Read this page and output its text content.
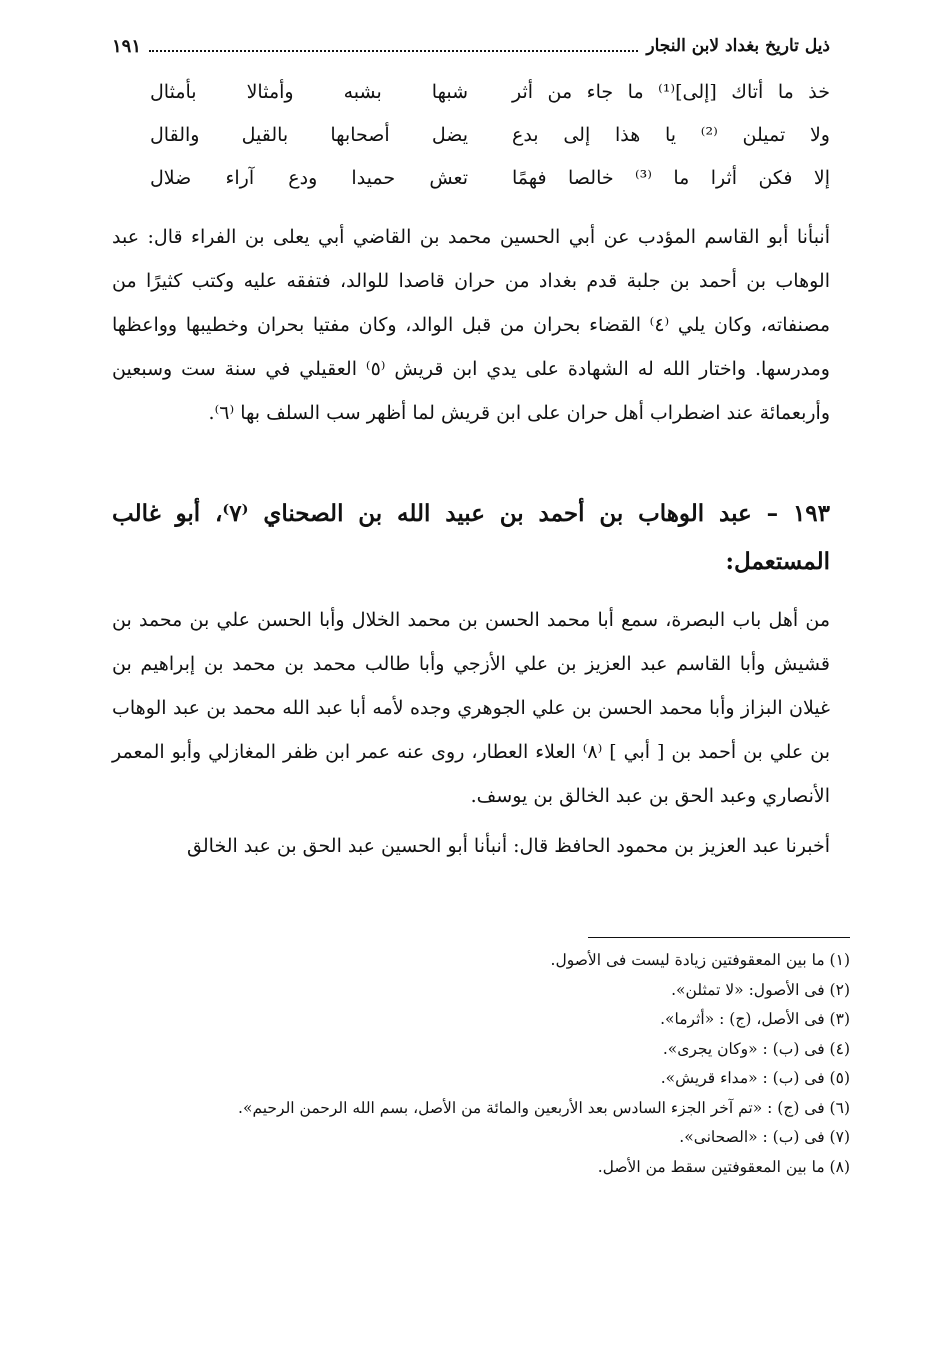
ذيل تاريخ بغداد لابن النجار
١٩١
خذ ما أتاك [إلى]⁽¹⁾ ما جاء من أثر
شبها بشبه وأمثالا بأمثال
ولا تميلن ⁽²⁾ يا هذا إلى بدع
يضل أصحابها بالقيل والقال
إلا فكن أثرا ما ⁽³⁾ خالصا فهمًا
تعش حميدا ودع آراء ضلال
أنبأنا أبو القاسم المؤدب عن أبي الحسين محمد بن القاضي أبي يعلى بن الفراء قال: عبد الوهاب بن أحمد بن جلبة قدم بغداد من حران قاصدا للوالد، فتفقه عليه وكتب كثيرًا من مصنفاته، وكان يلي ⁽٤⁾ القضاء بحران من قبل الوالد، وكان مفتيا بحران وخطيبها وواعظها ومدرسها. واختار الله له الشهادة على يدي ابن قريش ⁽٥⁾ العقيلي في سنة ست وسبعين وأربعمائة عند اضطراب أهل حران على ابن قريش لما أظهر سب السلف بها ⁽٦⁾.
١٩٣ – عبد الوهاب بن أحمد بن عبيد الله بن الصحناي ⁽٧⁾، أبو غالب المستعمل:
من أهل باب البصرة، سمع أبا محمد الحسن بن محمد الخلال وأبا الحسن علي بن محمد بن قشيش وأبا القاسم عبد العزيز بن علي الأزجي وأبا طالب محمد بن محمد بن إبراهيم بن غيلان البزاز وأبا محمد الحسن بن علي الجوهري وجده لأمه أبا عبد الله محمد بن عبد الوهاب بن علي بن أحمد بن [ أبي ] ⁽٨⁾ العلاء العطار، روى عنه عمر ابن ظفر المغازلي وأبو المعمر الأنصاري وعبد الحق بن عبد الخالق بن يوسف.
أخبرنا عبد العزيز بن محمود الحافظ قال: أنبأنا أبو الحسين عبد الحق بن عبد الخالق
(١) ما بين المعقوفتين زيادة ليست فى الأصول.
(٢) فى الأصول: «لا تمثلن».
(٣) فى الأصل، (ج) : «أثرما».
(٤) فى (ب) : «وكان يجرى».
(٥) فى (ب) : «مداء قريش».
(٦) فى (ج) : «تم آخر الجزء السادس بعد الأربعين والمائة من الأصل، بسم الله الرحمن الرحيم».
(٧) فى (ب) : «الصحانى».
(٨) ما بين المعقوفتين سقط من الأصل.
